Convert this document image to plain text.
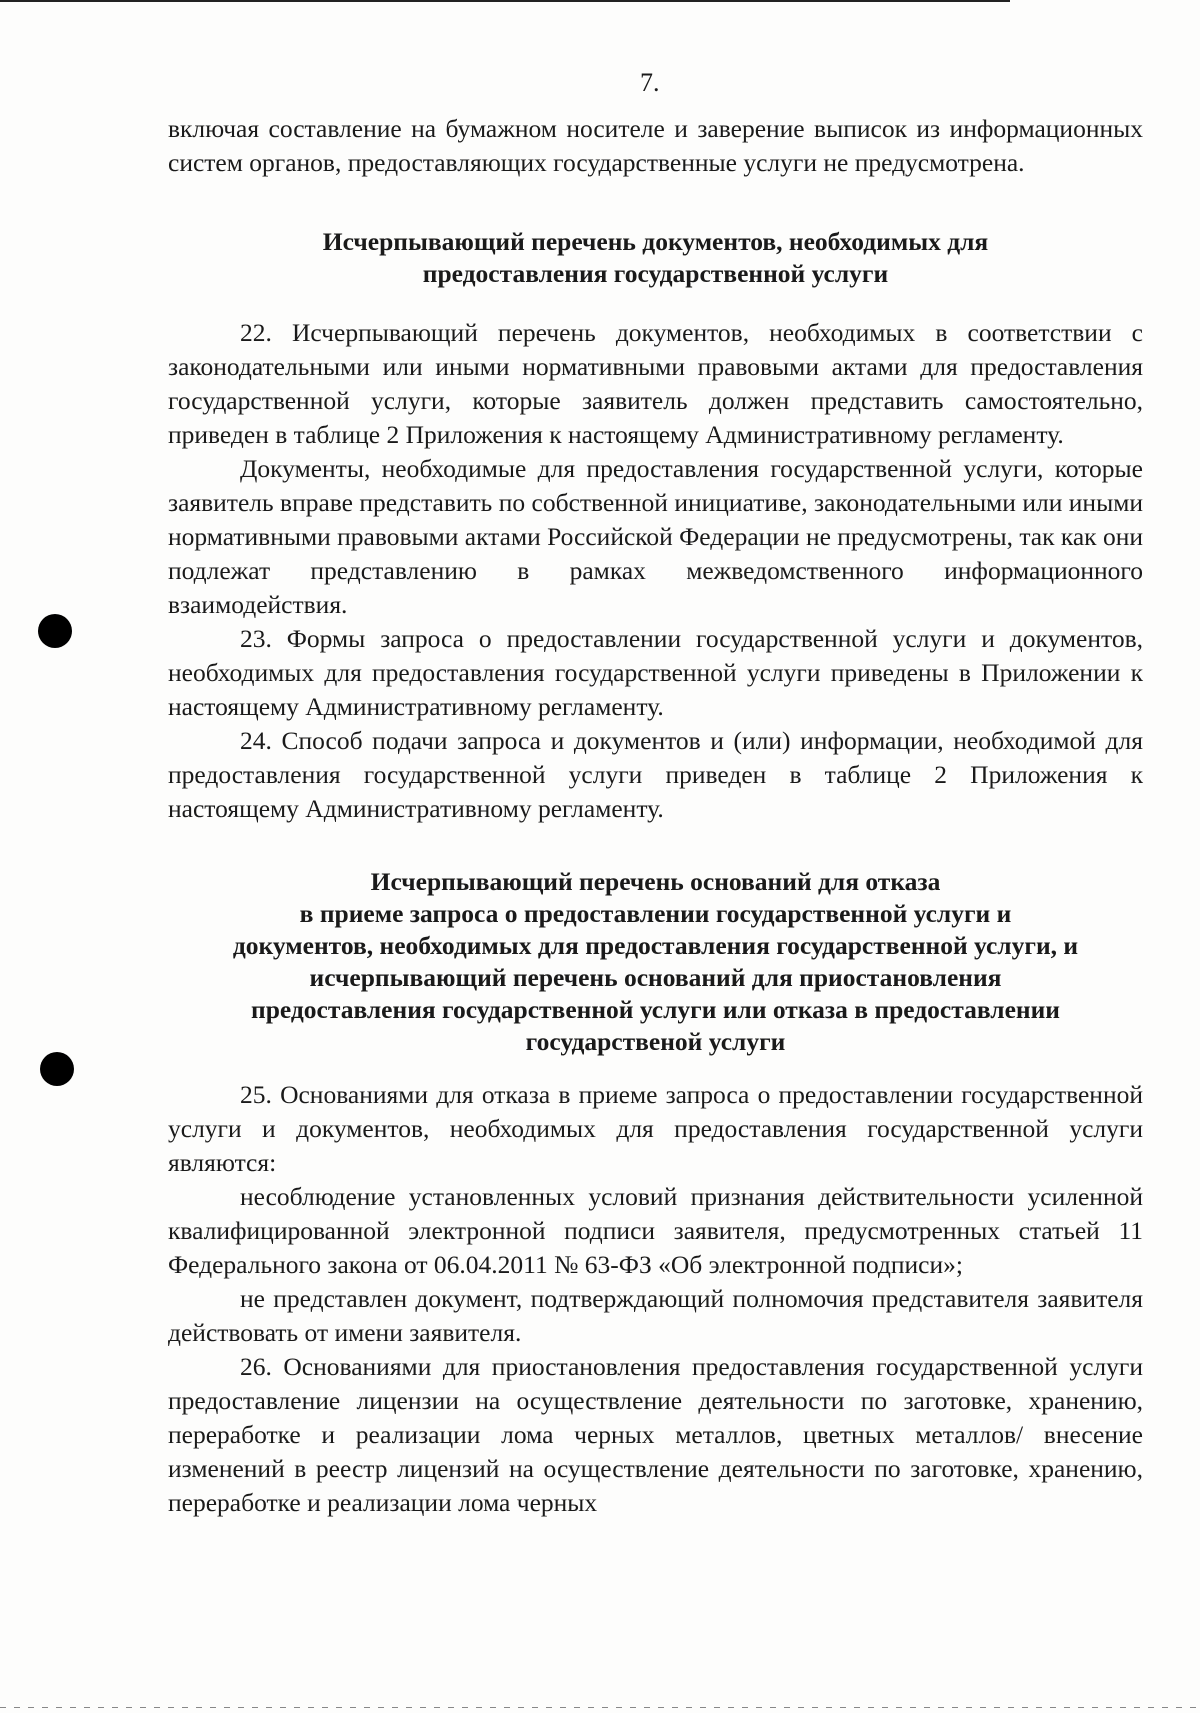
7.

включая составление на бумажном носителе и заверение выписок из информационных систем органов, предоставляющих государственные услуги не предусмотрена.

Исчерпывающий перечень документов, необходимых для
предоставления государственной услуги

22. Исчерпывающий перечень документов, необходимых в соответствии с законодательными или иными нормативными правовыми актами для предоставления государственной услуги, которые заявитель должен представить самостоятельно, приведен в таблице 2 Приложения к настоящему Административному регламенту.

Документы, необходимые для предоставления государственной услуги, которые заявитель вправе представить по собственной инициативе, законодательными или иными нормативными правовыми актами Российской Федерации не предусмотрены, так как они подлежат представлению в рамках межведомственного информационного взаимодействия.

23. Формы запроса о предоставлении государственной услуги и документов, необходимых для предоставления государственной услуги приведены в Приложении к настоящему Административному регламенту.

24. Способ подачи запроса и документов и (или) информации, необходимой для предоставления государственной услуги приведен в таблице 2 Приложения к настоящему Административному регламенту.

Исчерпывающий перечень оснований для отказа
в приеме запроса о предоставлении государственной услуги и
документов, необходимых для предоставления государственной услуги, и
исчерпывающий перечень оснований для приостановления
предоставления государственной услуги или отказа в предоставлении
государственой услуги

25. Основаниями для отказа в приеме запроса о предоставлении государственной услуги и документов, необходимых для предоставления государственной услуги являются:

несоблюдение установленных условий признания действительности усиленной квалифицированной электронной подписи заявителя, предусмотренных статьей 11 Федерального закона от 06.04.2011 № 63-ФЗ «Об электронной подписи»;

не представлен документ, подтверждающий полномочия представителя заявителя действовать от имени заявителя.

26. Основаниями для приостановления предоставления государственной услуги предоставление лицензии на осуществление деятельности по заготовке, хранению, переработке и реализации лома черных металлов, цветных металлов/ внесение изменений в реестр лицензий на осуществление деятельности по заготовке, хранению, переработке и реализации лома черных
